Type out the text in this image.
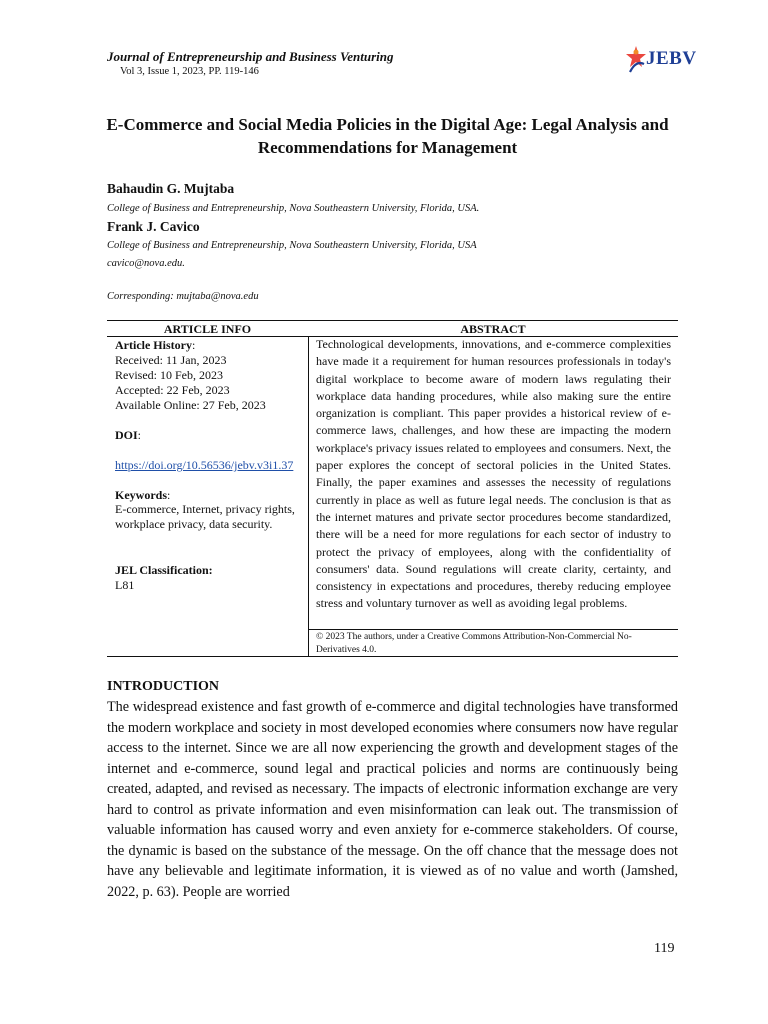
Journal of Entrepreneurship and Business Venturing
Vol 3, Issue 1, 2023, PP. 119-146
JEBV
E-Commerce and Social Media Policies in the Digital Age: Legal Analysis and Recommendations for Management
Bahaudin G. Mujtaba
College of Business and Entrepreneurship, Nova Southeastern University, Florida, USA.
Frank J. Cavico
College of Business and Entrepreneurship, Nova Southeastern University, Florida, USA
cavico@nova.edu.
Corresponding: mujtaba@nova.edu
ARTICLE INFO	ABSTRACT
Article History:
Received: 11 Jan, 2023
Revised: 10 Feb, 2023
Accepted: 22 Feb, 2023
Available Online: 27 Feb, 2023
DOI:
https://doi.org/10.56536/jebv.v3i1.37
Keywords:
E-commerce, Internet, privacy rights, workplace privacy, data security.
JEL Classification:
L81
Technological developments, innovations, and e-commerce complexities have made it a requirement for human resources professionals in today's digital workplace to become aware of modern laws regulating their workplace data handing procedures, while also making sure the entire organization is compliant. This paper provides a historical review of e-commerce laws, challenges, and how these are impacting the modern workplace's privacy issues related to employees and consumers. Next, the paper explores the concept of sectoral policies in the United States. Finally, the paper examines and assesses the necessity of regulations currently in place as well as future legal needs. The conclusion is that as the internet matures and private sector procedures become standardized, there will be a need for more regulations for each sector of industry to protect the privacy of employees, along with the confidentiality of consumers' data. Sound regulations will create clarity, certainty, and consistency in expectations and procedures, thereby reducing employee stress and voluntary turnover as well as avoiding legal problems.
© 2023 The authors, under a Creative Commons Attribution-Non-Commercial No-Derivatives 4.0.
INTRODUCTION
The widespread existence and fast growth of e-commerce and digital technologies have transformed the modern workplace and society in most developed economies where consumers now have regular access to the internet. Since we are all now experiencing the growth and development stages of the internet and e-commerce, sound legal and practical policies and norms are continuously being created, adapted, and revised as necessary. The impacts of electronic information exchange are very hard to control as private information and even misinformation can leak out. The transmission of valuable information has caused worry and even anxiety for e-commerce stakeholders. Of course, the dynamic is based on the substance of the message. On the off chance that the message does not have any believable and legitimate information, it is viewed as of no value and worth (Jamshed, 2022, p. 63). People are worried
119
